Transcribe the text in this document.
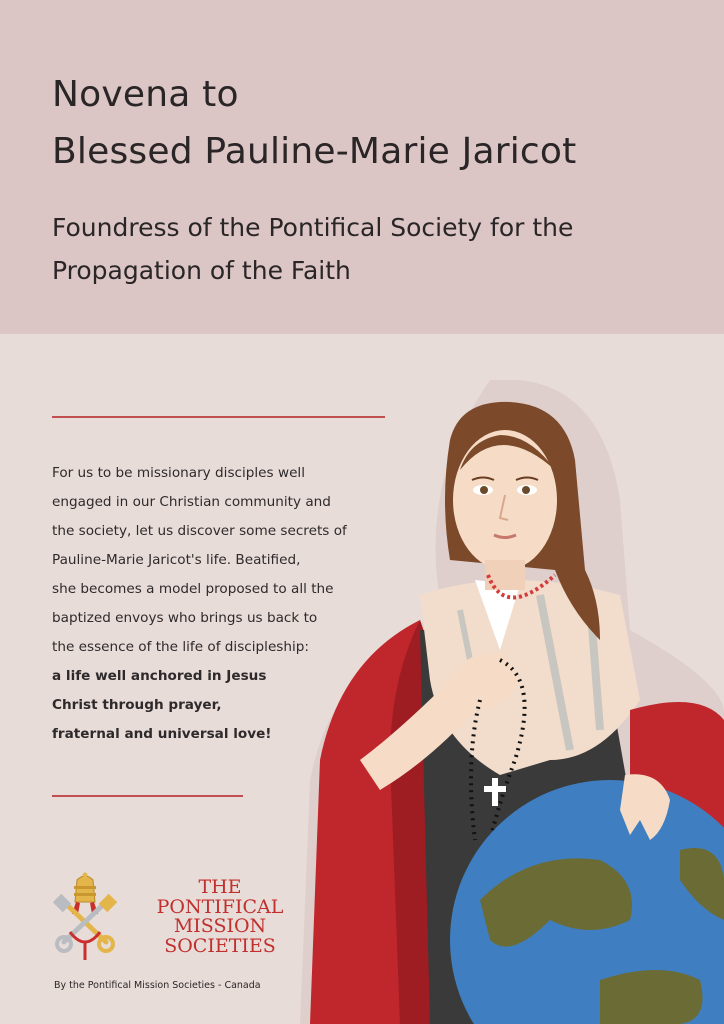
Novena to
Blessed Pauline-Marie Jaricot
Foundress of the Pontifical Society for the
Propagation of the Faith
For us to be missionary disciples well
engaged in our Christian community and
the society, let us discover some secrets of
Pauline-Marie Jaricot's life. Beatified,
she becomes a model proposed to all the
baptized envoys who brings us back to
the essence of the life of discipleship:
a life well anchored in Jesus
Christ through prayer,
fraternal and universal love!
THE
PONTIFICAL
MISSION
SOCIETIES
By the Pontifical Mission Societies - Canada
